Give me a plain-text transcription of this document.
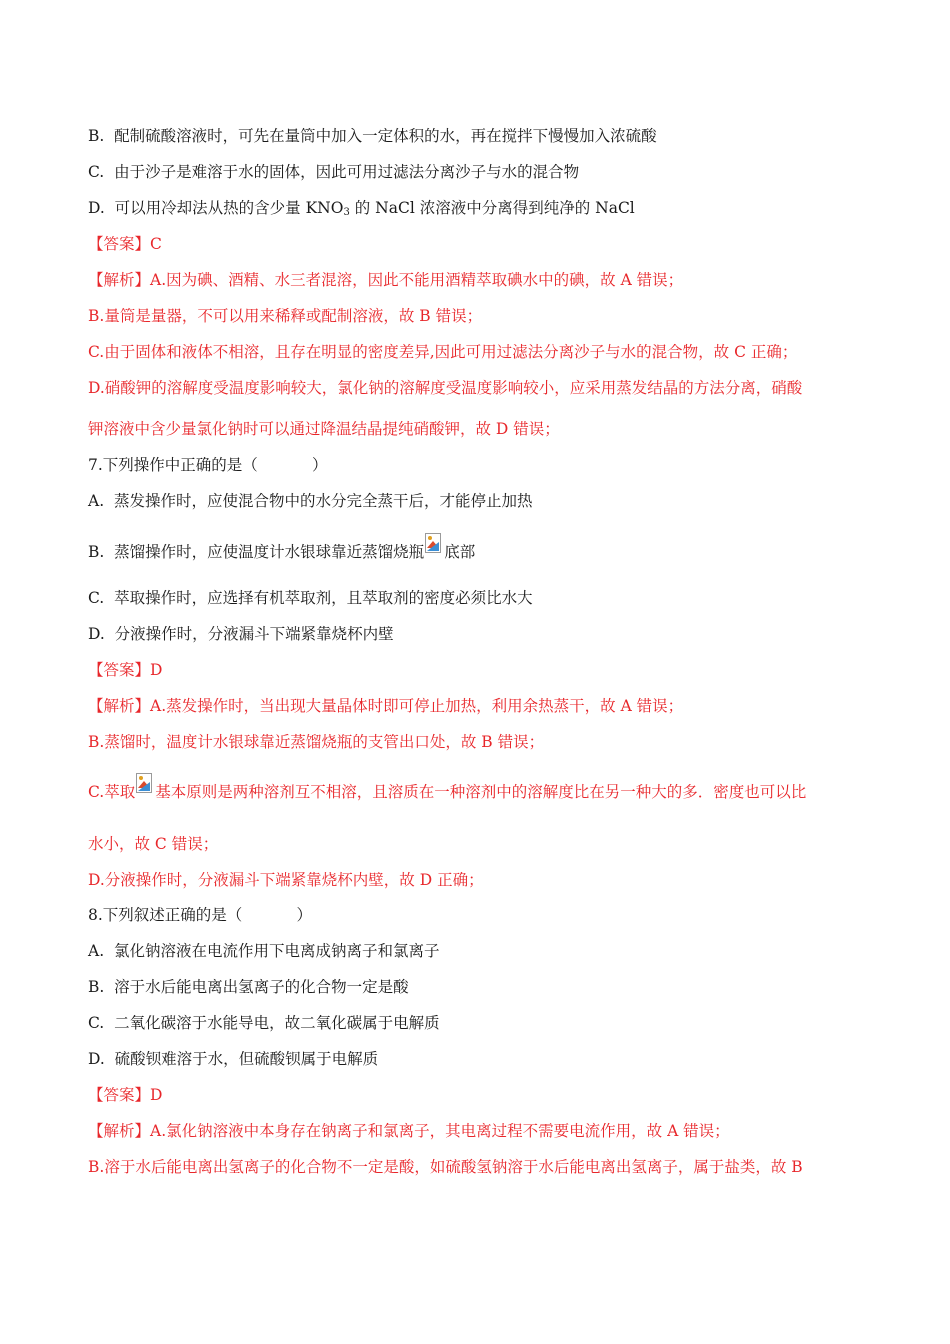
B.  配制硫酸溶液时，可先在量筒中加入一定体积的水，再在搅拌下慢慢加入浓硫酸
C.  由于沙子是难溶于水的固体，因此可用过滤法分离沙子与水的混合物
D.  可以用冷却法从热的含少量 $KNO_3$ 的 NaCl 浓溶液中分离得到纯净的 NaCl
【答案】C
【解析】A.因为碘、酒精、水三者混溶，因此不能用酒精萃取碘水中的碘，故 A 错误；
B.量筒是量器，不可以用来稀释或配制溶液，故 B 错误；
C.由于固体和液体不相溶，且存在明显的密度差异,因此可用过滤法分离沙子与水的混合物，故 C 正确；
D.硝酸钾的溶解度受温度影响较大，氯化钠的溶解度受温度影响较小，应采用蒸发结晶的方法分离，硝酸
钾溶液中含少量氯化钠时可以通过降温结晶提纯硝酸钾，故 D 错误；
7.下列操作中正确的是（           ）
A.  蒸发操作时，应使混合物中的水分完全蒸干后，才能停止加热
B.  蒸馏操作时，应使温度计水银球靠近蒸馏烧瓶 底部
C.  萃取操作时，应选择有机萃取剂，且萃取剂的密度必须比水大
D.  分液操作时，分液漏斗下端紧靠烧杯内壁
【答案】D
【解析】A.蒸发操作时，当出现大量晶体时即可停止加热，利用余热蒸干，故 A 错误；
B.蒸馏时，温度计水银球靠近蒸馏烧瓶的支管出口处，故 B 错误；
C.萃取 基本原则是两种溶剂互不相溶，且溶质在一种溶剂中的溶解度比在另一种大的多．密度也可以比
水小，故 C 错误；
D.分液操作时，分液漏斗下端紧靠烧杯内壁，故 D 正确；
8.下列叙述正确的是（           ）
A.  氯化钠溶液在电流作用下电离成钠离子和氯离子
B.  溶于水后能电离出氢离子的化合物一定是酸
C.  二氧化碳溶于水能导电，故二氧化碳属于电解质
D.  硫酸钡难溶于水，但硫酸钡属于电解质
【答案】D
【解析】A.氯化钠溶液中本身存在钠离子和氯离子，其电离过程不需要电流作用，故 A 错误；
B.溶于水后能电离出氢离子的化合物不一定是酸，如硫酸氢钠溶于水后能电离出氢离子，属于盐类，故 B
